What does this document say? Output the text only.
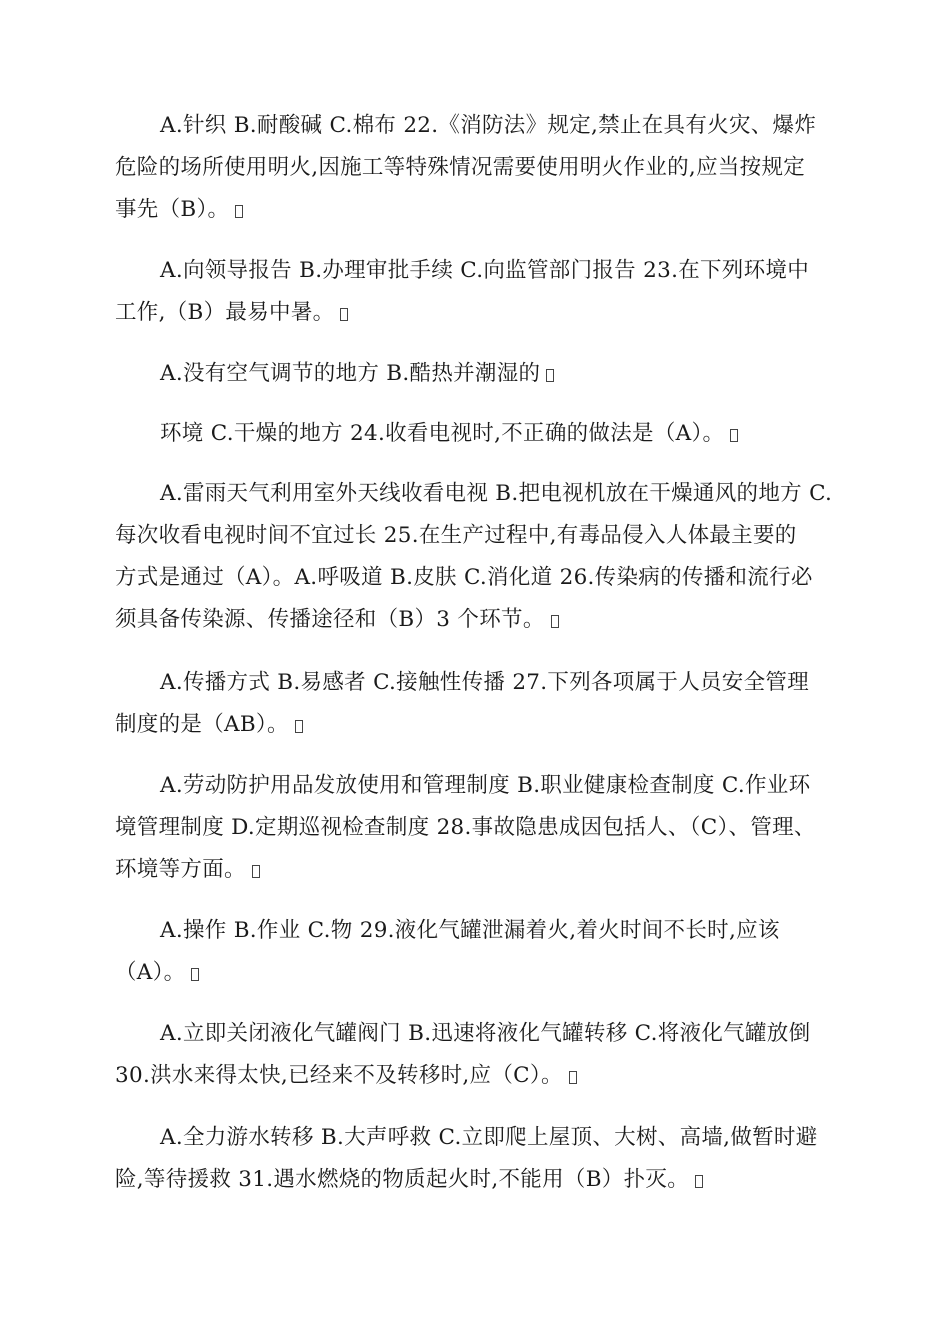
A.针织 B.耐酸碱 C.棉布 22.《消防法》规定,禁止在具有火灾、爆炸
危险的场所使用明火,因施工等特殊情况需要使用明火作业的,应当按规定
事先（B）。
A.向领导报告 B.办理审批手续 C.向监管部门报告 23.在下列环境中
工作,（B）最易中暑。
A.没有空气调节的地方 B.酷热并潮湿的
环境 C.干燥的地方 24.收看电视时,不正确的做法是（A）。
A.雷雨天气利用室外天线收看电视 B.把电视机放在干燥通风的地方 C.
每次收看电视时间不宜过长 25.在生产过程中,有毒品侵入人体最主要的
方式是通过（A）。A.呼吸道 B.皮肤 C.消化道 26.传染病的传播和流行必
须具备传染源、传播途径和（B）3 个环节。
A.传播方式 B.易感者 C.接触性传播 27.下列各项属于人员安全管理
制度的是（AB）。
A.劳动防护用品发放使用和管理制度 B.职业健康检查制度 C.作业环
境管理制度 D.定期巡视检查制度 28.事故隐患成因包括人、（C）、管理、
环境等方面。
A.操作 B.作业 C.物 29.液化气罐泄漏着火,着火时间不长时,应该
（A）。
A.立即关闭液化气罐阀门 B.迅速将液化气罐转移 C.将液化气罐放倒
30.洪水来得太快,已经来不及转移时,应（C）。
A.全力游水转移 B.大声呼救 C.立即爬上屋顶、大树、高墙,做暂时避
险,等待援救 31.遇水燃烧的物质起火时,不能用（B）扑灭。
